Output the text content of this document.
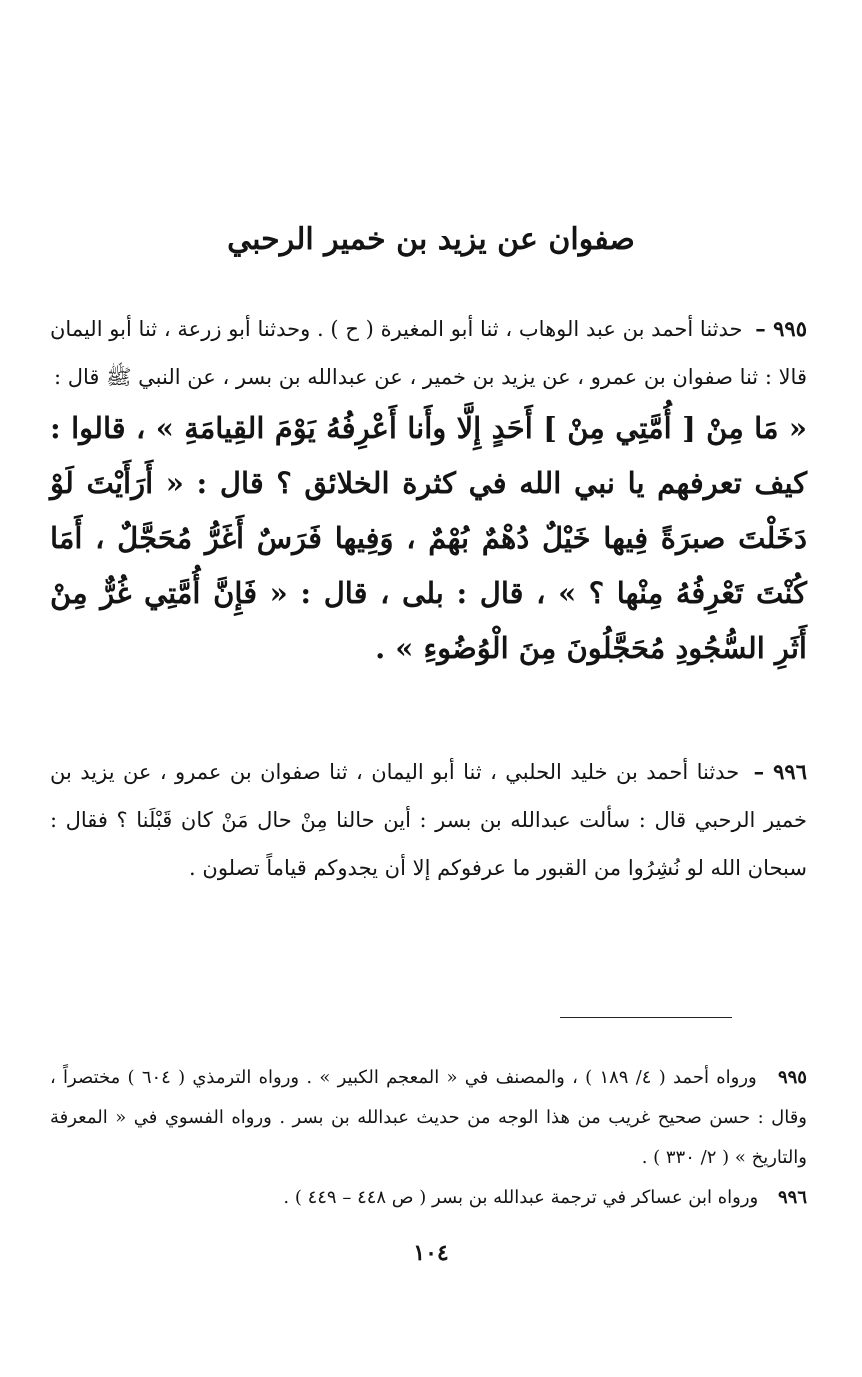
صفوان عن يزيد بن خمير الرحبي

٩٩٥ – حدثنا أحمد بن عبد الوهاب ، ثنا أبو المغيرة ( ح ) . وحدثنا أبو زرعة ، ثنا أبو اليمان قالا : ثنا صفوان بن عمرو ، عن يزيد بن خمير ، عن عبدالله بن بسر ، عن النبي ﷺ قال :

« مَا مِنْ [ أُمَّتِي مِنْ ] أَحَدٍ إِلَّا وأَنا أَعْرِفُهُ يَوْمَ القِيامَةِ » ، قالوا : كيف تعرفهم يا نبي الله في كثرة الخلائق ؟ قال : « أَرَأَيْتَ لَوْ دَخَلْتَ صبرَةً فِيها خَيْلٌ دُهْمٌ بُهْمٌ ، وَفِيها فَرَسٌ أَغَرُّ مُحَجَّلٌ ، أَمَا كُنْتَ تَعْرِفُهُ مِنْها ؟ » ، قال : بلى ، قال : « فَإِنَّ أُمَّتِي غُرٌّ مِنْ أَثَرِ السُّجُودِ مُحَجَّلُونَ مِنَ الْوُضُوءِ » .

٩٩٦ – حدثنا أحمد بن خليد الحلبي ، ثنا أبو اليمان ، ثنا صفوان بن عمرو ، عن يزيد بن خمير الرحبي قال : سألت عبدالله بن بسر : أين حالنا مِنْ حال مَنْ كان قَبْلَنا ؟ فقال : سبحان الله لو نُشِرُوا من القبور ما عرفوكم إلا أن يجدوكم قياماً تصلون .

٩٩٥ ورواه أحمد ( ٤/ ١٨٩ ) ، والمصنف في « المعجم الكبير » . ورواه الترمذي ( ٦٠٤ ) مختصراً ، وقال : حسن صحيح غريب من هذا الوجه من حديث عبدالله بن بسر . ورواه الفسوي في « المعرفة والتاريخ » ( ٢/ ٣٣٠ ) .

٩٩٦ ورواه ابن عساكر في ترجمة عبدالله بن بسر ( ص ٤٤٨ – ٤٤٩ ) .

١٠٤
